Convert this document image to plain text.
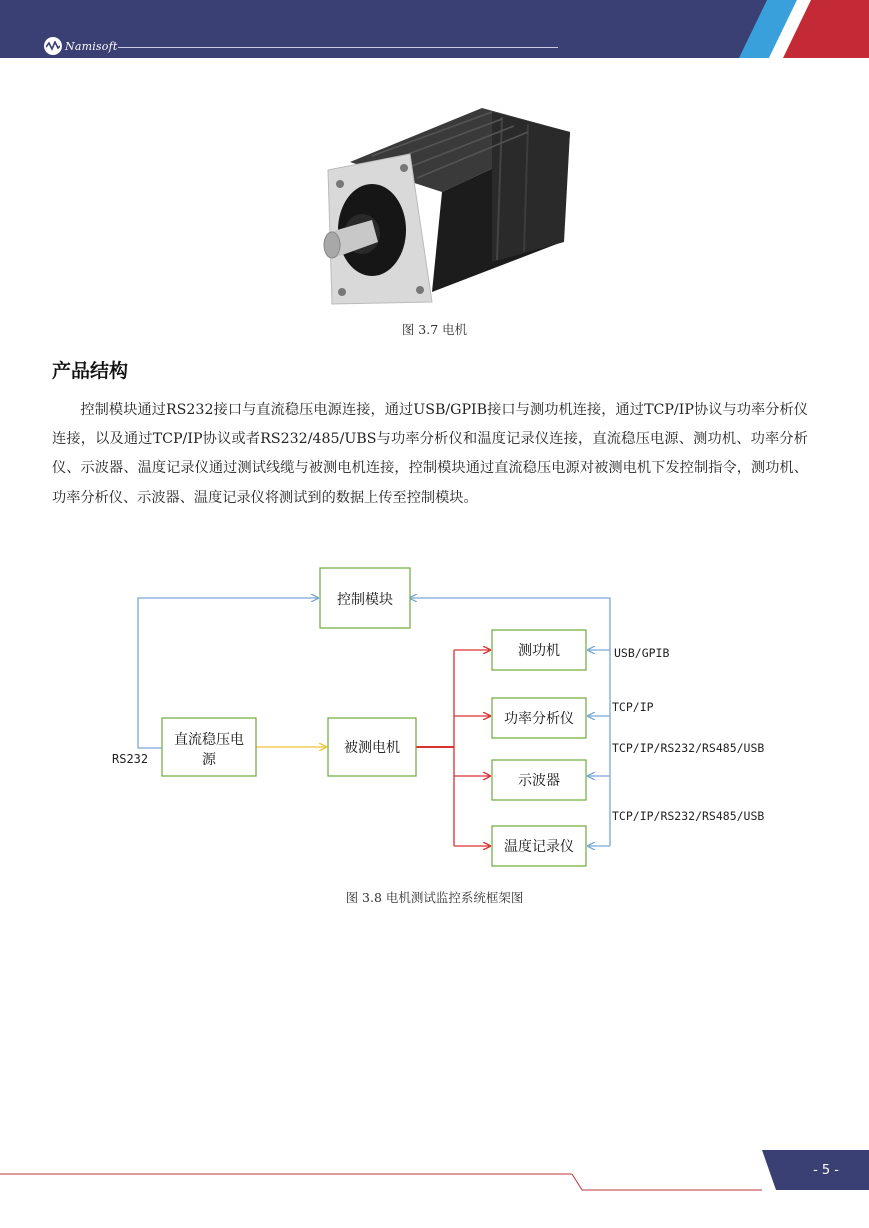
Namisoft
图 3.7 电机
产品结构

控制模块通过RS232接口与直流稳压电源连接，通过USB/GPIB接口与测功机连接，通过TCP/IP协议与功率分析仪连接，以及通过TCP/IP协议或者RS232/485/UBS与功率分析仪和温度记录仪连接，直流稳压电源、测功机、功率分析仪、示波器、温度记录仪通过测试线缆与被测电机连接，控制模块通过直流稳压电源对被测电机下发控制指令，测功机、功率分析仪、示波器、温度记录仪将测试到的数据上传至控制模块。

控制模块
直流稳压电
源
被测电机
测功机
功率分析仪
示波器
温度记录仪
RS232
USB/GPIB
TCP/IP
TCP/IP/RS232/RS485/USB
TCP/IP/RS232/RS485/USB
图 3.8 电机测试监控系统框架图
- 5 -
